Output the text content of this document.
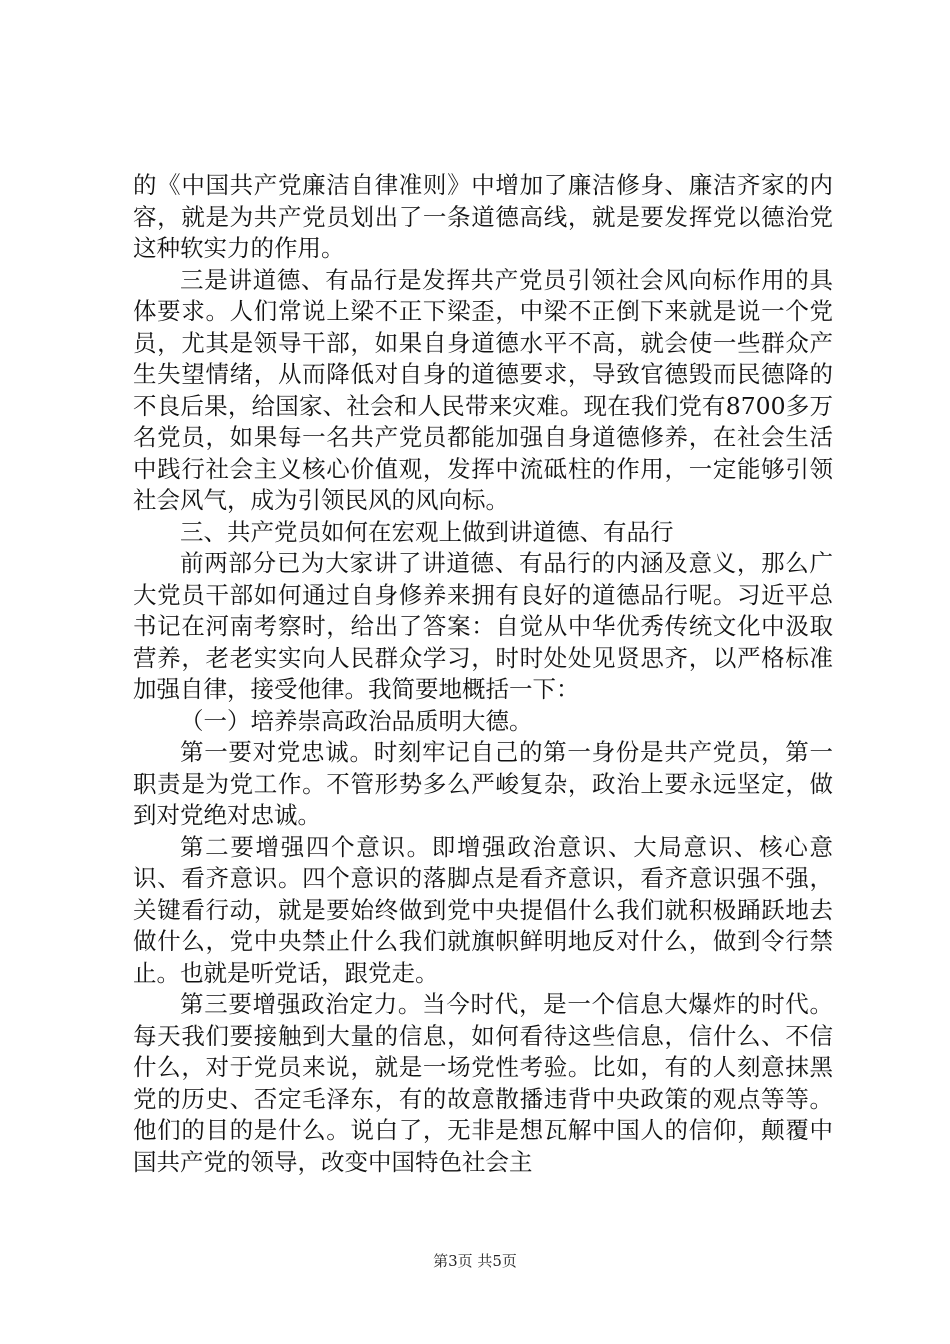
的《中国共产党廉洁自律准则》中增加了廉洁修身、廉洁齐家的内容，就是为共产党员划出了一条道德高线，就是要发挥党以德治党这种软实力的作用。

三是讲道德、有品行是发挥共产党员引领社会风向标作用的具体要求。人们常说上梁不正下梁歪，中梁不正倒下来就是说一个党员，尤其是领导干部，如果自身道德水平不高，就会使一些群众产生失望情绪，从而降低对自身的道德要求，导致官德毁而民德降的不良后果，给国家、社会和人民带来灾难。现在我们党有8700多万名党员，如果每一名共产党员都能加强自身道德修养，在社会生活中践行社会主义核心价值观，发挥中流砥柱的作用，一定能够引领社会风气，成为引领民风的风向标。

三、共产党员如何在宏观上做到讲道德、有品行

前两部分已为大家讲了讲道德、有品行的内涵及意义，那么广大党员干部如何通过自身修养来拥有良好的道德品行呢。习近平总书记在河南考察时，给出了答案：自觉从中华优秀传统文化中汲取营养，老老实实向人民群众学习，时时处处见贤思齐，以严格标准加强自律，接受他律。我简要地概括一下：

（一）培养崇高政治品质明大德。

第一要对党忠诚。时刻牢记自己的第一身份是共产党员，第一职责是为党工作。不管形势多么严峻复杂，政治上要永远坚定，做到对党绝对忠诚。

第二要增强四个意识。即增强政治意识、大局意识、核心意识、看齐意识。四个意识的落脚点是看齐意识，看齐意识强不强，关键看行动，就是要始终做到党中央提倡什么我们就积极踊跃地去做什么，党中央禁止什么我们就旗帜鲜明地反对什么，做到令行禁止。也就是听党话，跟党走。

第三要增强政治定力。当今时代，是一个信息大爆炸的时代。每天我们要接触到大量的信息，如何看待这些信息，信什么、不信什么，对于党员来说，就是一场党性考验。比如，有的人刻意抹黑党的历史、否定毛泽东，有的故意散播违背中央政策的观点等等。他们的目的是什么。说白了，无非是想瓦解中国人的信仰，颠覆中国共产党的领导，改变中国特色社会主

第3页 共5页
